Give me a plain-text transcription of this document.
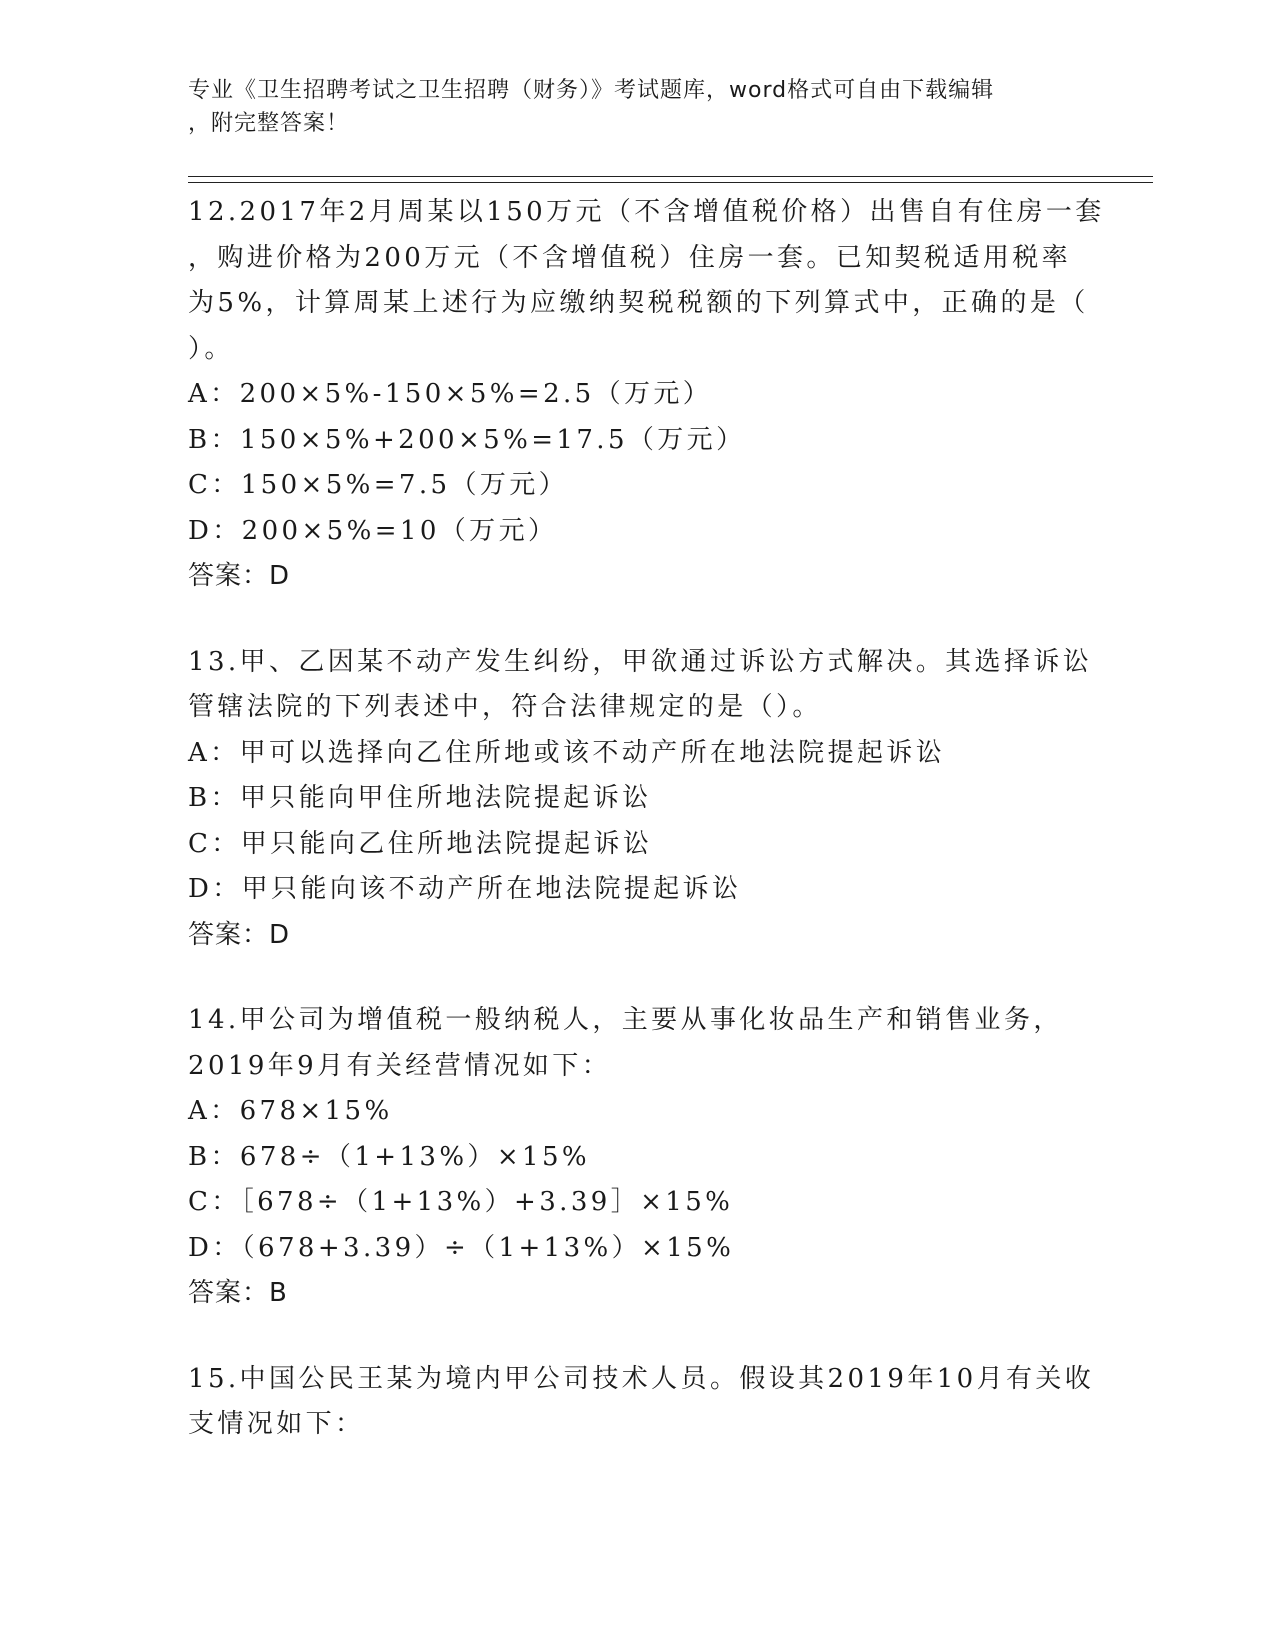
专业《卫生招聘考试之卫生招聘（财务）》考试题库，word格式可自由下载编辑
，附完整答案！
12.2017年2月周某以150万元（不含增值税价格）出售自有住房一套
，购进价格为200万元（不含增值税）住房一套。已知契税适用税率
为5%，计算周某上述行为应缴纳契税税额的下列算式中，正确的是（
）。
A：200×5%-150×5%=2.5（万元）
B：150×5%+200×5%=17.5（万元）
C：150×5%=7.5（万元）
D：200×5%=10（万元）
答案：D
13.甲、乙因某不动产发生纠纷，甲欲通过诉讼方式解决。其选择诉讼
管辖法院的下列表述中，符合法律规定的是（）。
A：甲可以选择向乙住所地或该不动产所在地法院提起诉讼
B：甲只能向甲住所地法院提起诉讼
C：甲只能向乙住所地法院提起诉讼
D：甲只能向该不动产所在地法院提起诉讼
答案：D
14.甲公司为增值税一般纳税人，主要从事化妆品生产和销售业务，
2019年9月有关经营情况如下：
A：678×15%
B：678÷（1+13%）×15%
C：［678÷（1+13%）+3.39］×15%
D：（678+3.39）÷（1+13%）×15%
答案：B
15.中国公民王某为境内甲公司技术人员。假设其2019年10月有关收
支情况如下：
